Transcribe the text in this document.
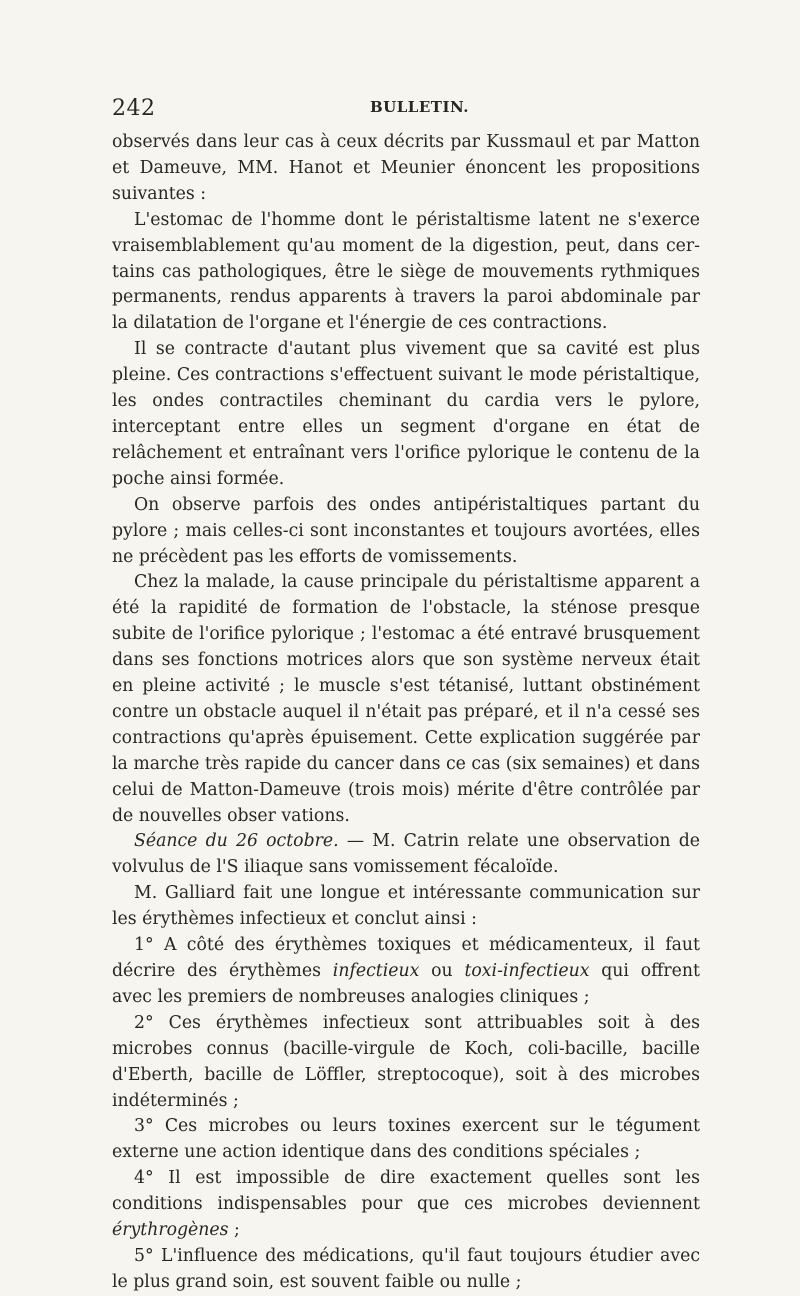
242	BULLETIN.

observés dans leur cas à ceux décrits par Kussmaul et par Matton et Dameuve, MM. Hanot et Meunier énoncent les propositions suivantes :

L'estomac de l'homme dont le péristaltisme latent ne s'exerce vraisemblablement qu'au moment de la digestion, peut, dans certains cas pathologiques, être le siège de mouvements rythmiques permanents, rendus apparents à travers la paroi abdominale par la dilatation de l'organe et l'énergie de ces contractions.

Il se contracte d'autant plus vivement que sa cavité est plus pleine. Ces contractions s'effectuent suivant le mode péristaltique, les ondes contractiles cheminant du cardia vers le pylore, interceptant entre elles un segment d'organe en état de relâchement et entraînant vers l'orifice pylorique le contenu de la poche ainsi formée.

On observe parfois des ondes antipéristaltiques partant du pylore ; mais celles-ci sont inconstantes et toujours avortées, elles ne précèdent pas les efforts de vomissements.

Chez la malade, la cause principale du péristaltisme apparent a été la rapidité de formation de l'obstacle, la sténose presque subite de l'orifice pylorique ; l'estomac a été entravé brusquement dans ses fonctions motrices alors que son système nerveux était en pleine activité ; le muscle s'est tétanisé, luttant obstinément contre un obstacle auquel il n'était pas préparé, et il n'a cessé ses contractions qu'après épuisement. Cette explication suggérée par la marche très rapide du cancer dans ce cas (six semaines) et dans celui de Matton-Dameuve (trois mois) mérite d'être contrôlée par de nouvelles obser vations.

Séance du 26 octobre. — M. Catrin relate une observation de volvulus de l'S iliaque sans vomissement fécaloïde.

M. Galliard fait une longue et intéressante communication sur les érythèmes infectieux et conclut ainsi :

1° A côté des érythèmes toxiques et médicamenteux, il faut décrire des érythèmes infectieux ou toxi-infectieux qui offrent avec les premiers de nombreuses analogies cliniques ;

2° Ces érythèmes infectieux sont attribuables soit à des microbes connus (bacille-virgule de Koch, coli-bacille, bacille d'Eberth, bacille de Löffler, streptocoque), soit à des microbes indéterminés ;

3° Ces microbes ou leurs toxines exercent sur le tégument externe une action identique dans des conditions spéciales ;

4° Il est impossible de dire exactement quelles sont les conditions indispensables pour que ces microbes deviennent érythrogènes ;

5° L'influence des médications, qu'il faut toujours étudier avec le plus grand soin, est souvent faible ou nulle ;
